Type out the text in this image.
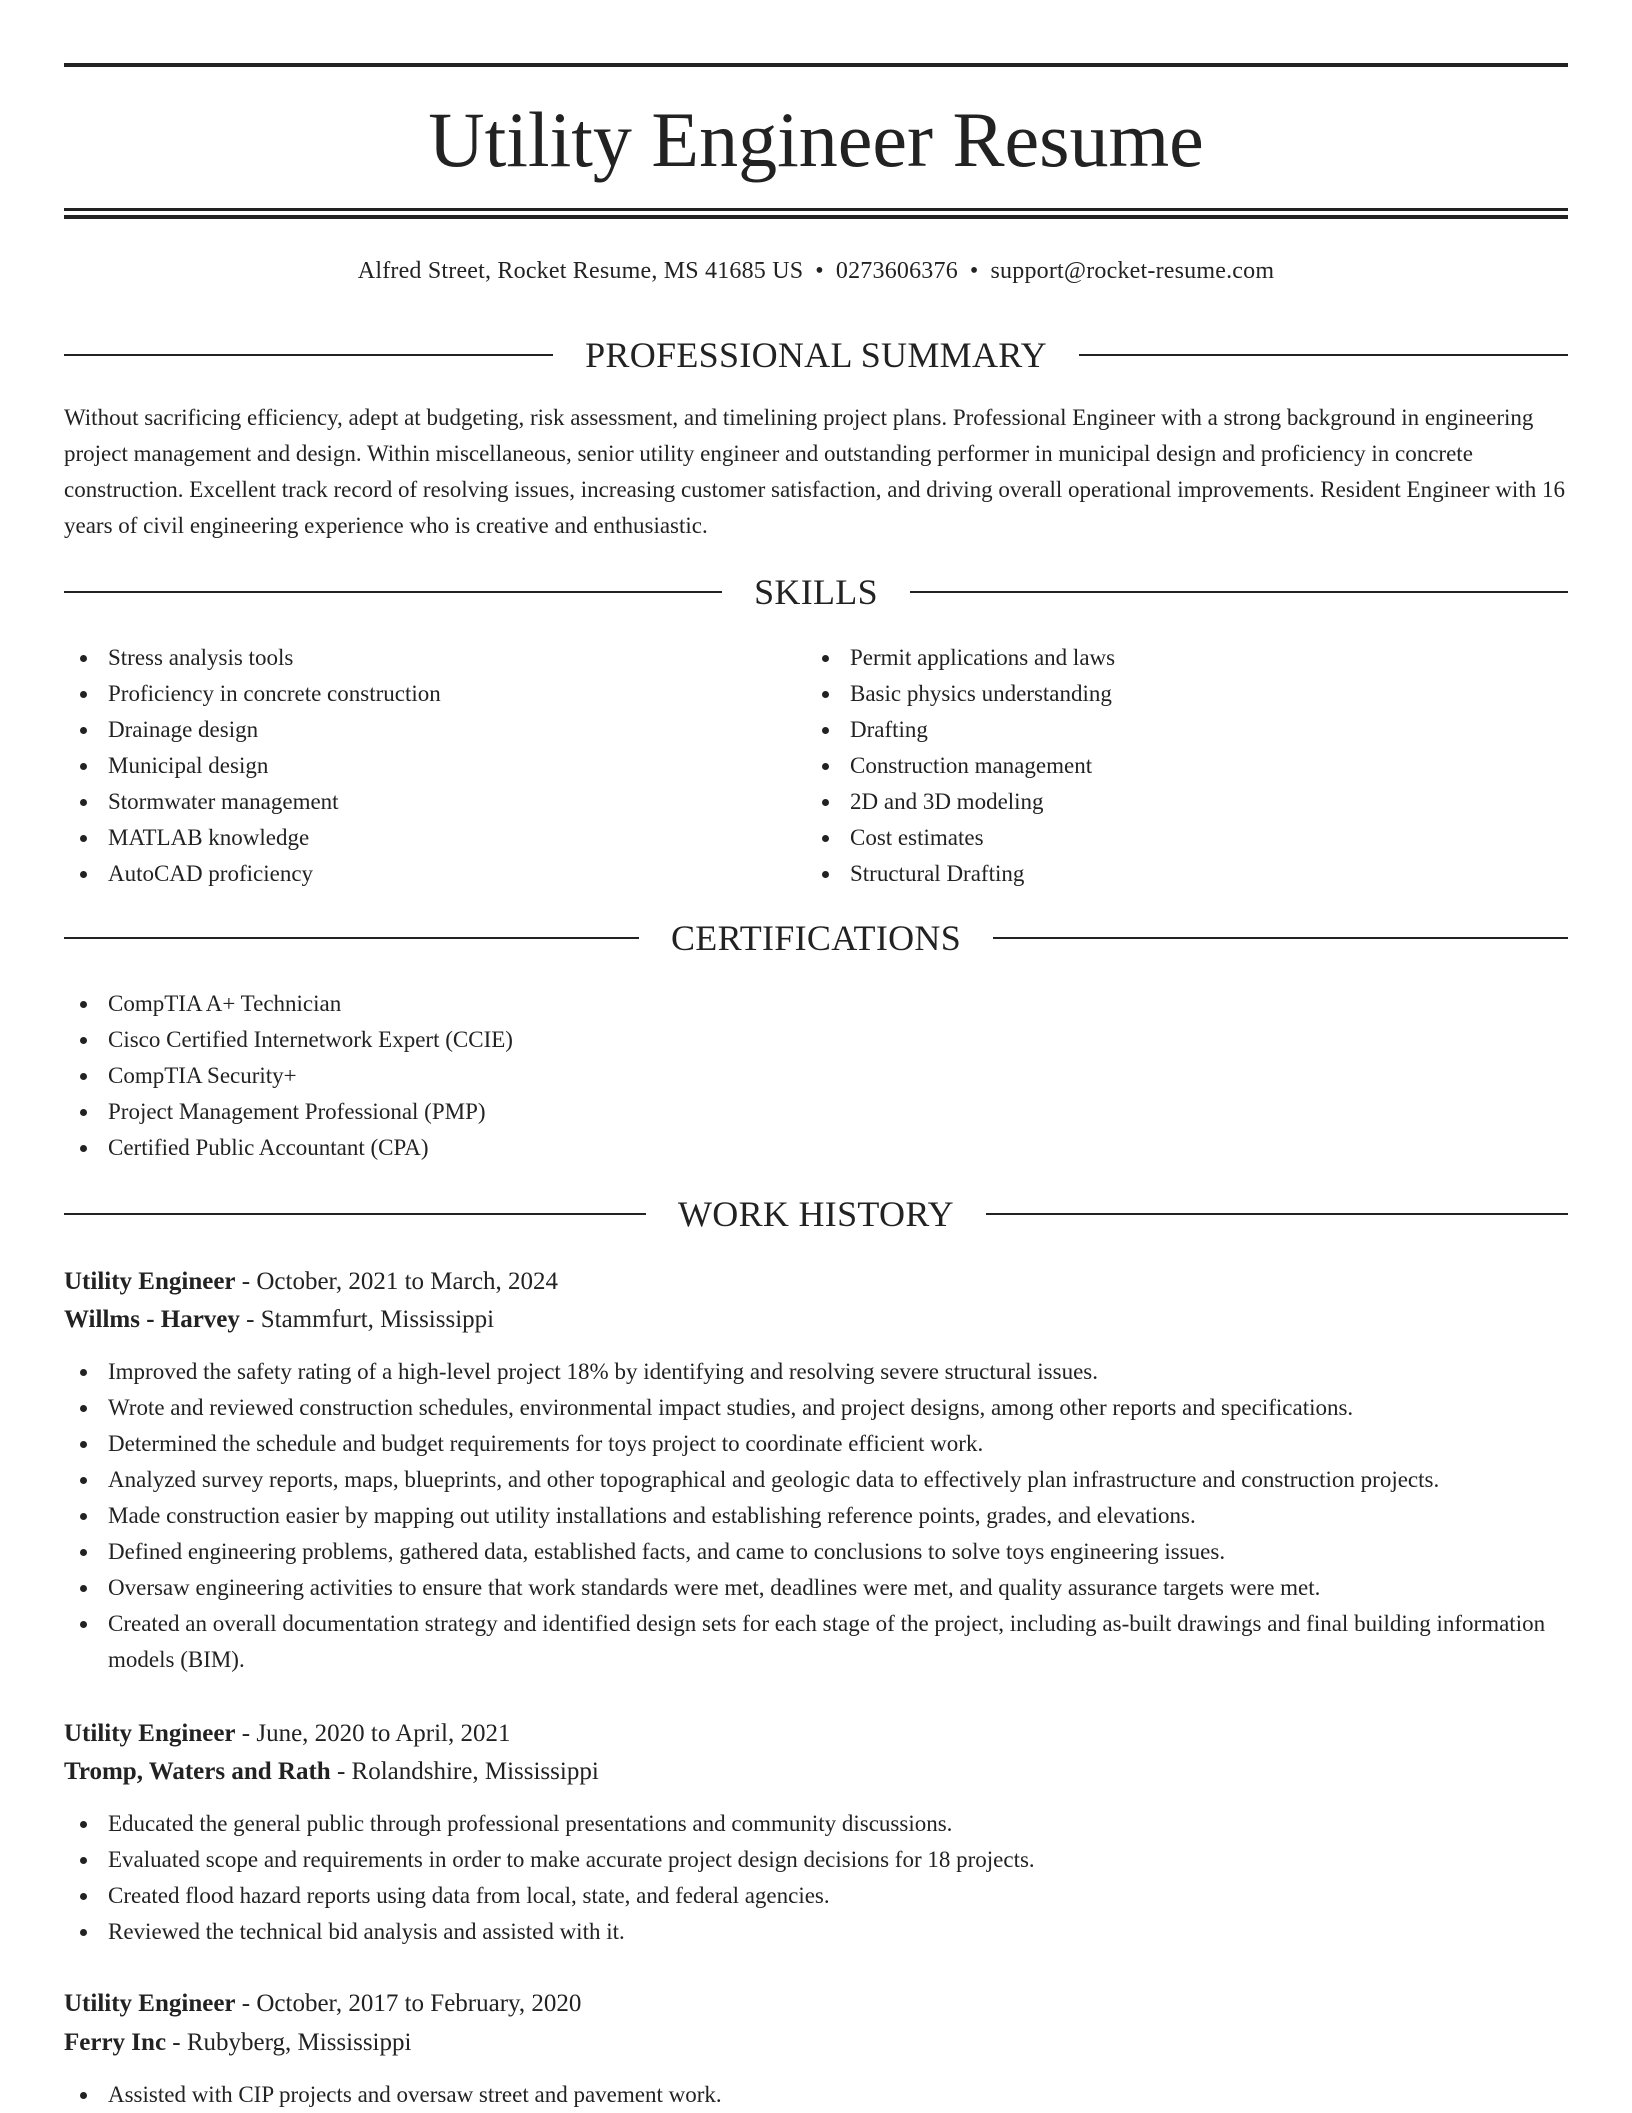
Utility Engineer Resume
Alfred Street, Rocket Resume, MS 41685 US • 0273606376 • support@rocket-resume.com
PROFESSIONAL SUMMARY

Without sacrificing efficiency, adept at budgeting, risk assessment, and timelining project plans. Professional Engineer with a strong background in engineering project management and design. Within miscellaneous, senior utility engineer and outstanding performer in municipal design and proficiency in concrete construction. Excellent track record of resolving issues, increasing customer satisfaction, and driving overall operational improvements. Resident Engineer with 16 years of civil engineering experience who is creative and enthusiastic.

SKILLS
Stress analysis tools
Proficiency in concrete construction
Drainage design
Municipal design
Stormwater management
MATLAB knowledge
AutoCAD proficiency
Permit applications and laws
Basic physics understanding
Drafting
Construction management
2D and 3D modeling
Cost estimates
Structural Drafting
CERTIFICATIONS
CompTIA A+ Technician
Cisco Certified Internetwork Expert (CCIE)
CompTIA Security+
Project Management Professional (PMP)
Certified Public Accountant (CPA)
WORK HISTORY
Utility Engineer - October, 2021 to March, 2024
Willms - Harvey - Stammfurt, Mississippi
Improved the safety rating of a high-level project 18% by identifying and resolving severe structural issues.
Wrote and reviewed construction schedules, environmental impact studies, and project designs, among other reports and specifications.
Determined the schedule and budget requirements for toys project to coordinate efficient work.
Analyzed survey reports, maps, blueprints, and other topographical and geologic data to effectively plan infrastructure and construction projects.
Made construction easier by mapping out utility installations and establishing reference points, grades, and elevations.
Defined engineering problems, gathered data, established facts, and came to conclusions to solve toys engineering issues.
Oversaw engineering activities to ensure that work standards were met, deadlines were met, and quality assurance targets were met.
Created an overall documentation strategy and identified design sets for each stage of the project, including as-built drawings and final building information models (BIM).
Utility Engineer - June, 2020 to April, 2021
Tromp, Waters and Rath - Rolandshire, Mississippi
Educated the general public through professional presentations and community discussions.
Evaluated scope and requirements in order to make accurate project design decisions for 18 projects.
Created flood hazard reports using data from local, state, and federal agencies.
Reviewed the technical bid analysis and assisted with it.
Utility Engineer - October, 2017 to February, 2020
Ferry Inc - Rubyberg, Mississippi
Assisted with CIP projects and oversaw street and pavement work.
